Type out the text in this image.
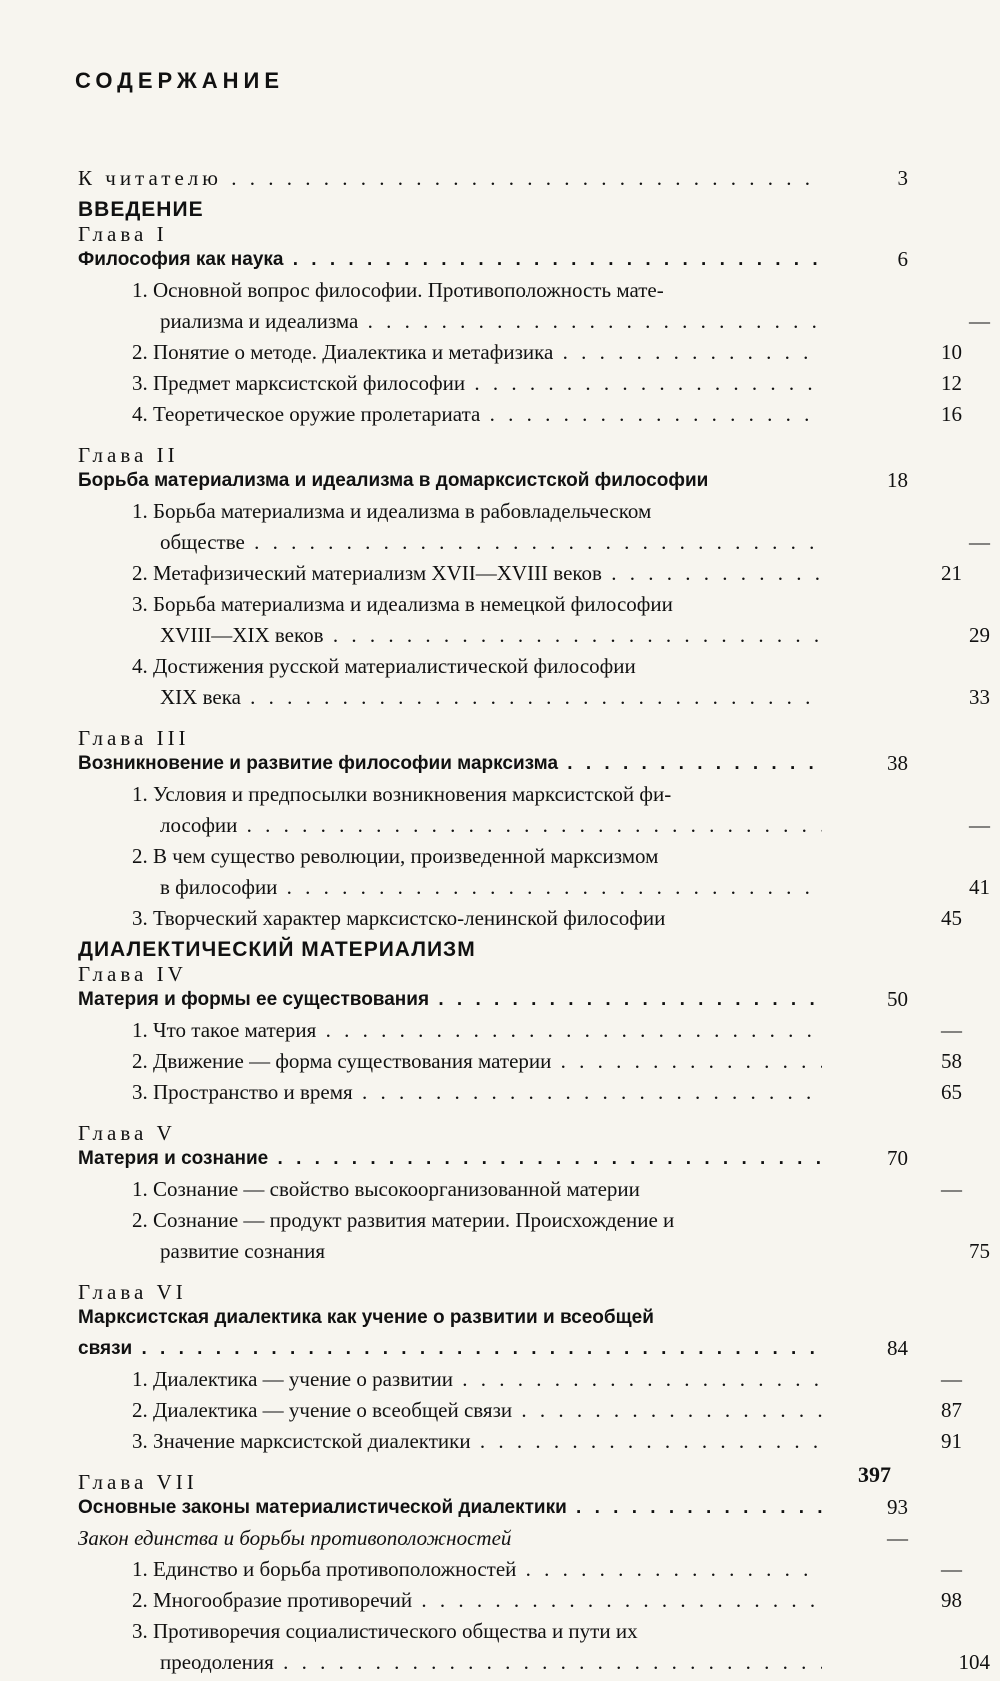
СОДЕРЖАНИЕ
К читателю . . .	3
ВВЕДЕНИЕ
Глава I
Философия как наука . . .	6
1. Основной вопрос философии. Противоположность мате-
риализма и идеализма . . .	—
2. Понятие о методе. Диалектика и метафизика . . .	10
3. Предмет марксистской философии . . .	12
4. Теоретическое оружие пролетариата . . .	16
Глава II
Борьба материализма и идеализма в домарксистской философии	18
1. Борьба материализма и идеализма в рабовладельческом
обществе . . .	—
2. Метафизический материализм XVII—XVIII веков . . .	21
3. Борьба материализма и идеализма в немецкой философии
XVIII—XIX веков . . .	29
4. Достижения русской материалистической философии
XIX века . . .	33
Глава III
Возникновение и развитие философии марксизма . . .	38
1. Условия и предпосылки возникновения марксистской фи-
лософии . . .	—
2. В чем существо революции, произведенной марксизмом
в философии . . .	41
3. Творческий характер марксистско-ленинской философии	45
ДИАЛЕКТИЧЕСКИЙ МАТЕРИАЛИЗМ
Глава IV
Материя и формы ее существования . . .	50
1. Что такое материя . . .	—
2. Движение — форма существования материи . . .	58
3. Пространство и время . . .	65
Глава V
Материя и сознание . . .	70
1. Сознание — свойство высокоорганизованной материи	—
2. Сознание — продукт развития материи. Происхождение и
развитие сознания	75
Глава VI
Марксистская диалектика как учение о развитии и всеобщей
связи . . .	84
1. Диалектика — учение о развитии . . .	—
2. Диалектика — учение о всеобщей связи . . .	87
3. Значение марксистской диалектики . . .	91
Глава VII
Основные законы материалистической диалектики . . .	93
Закон единства и борьбы противоположностей	—
1. Единство и борьба противоположностей . . .	—
2. Многообразие противоречий . . .	98
3. Противоречия социалистического общества и пути их
преодоления . . .	104
397
